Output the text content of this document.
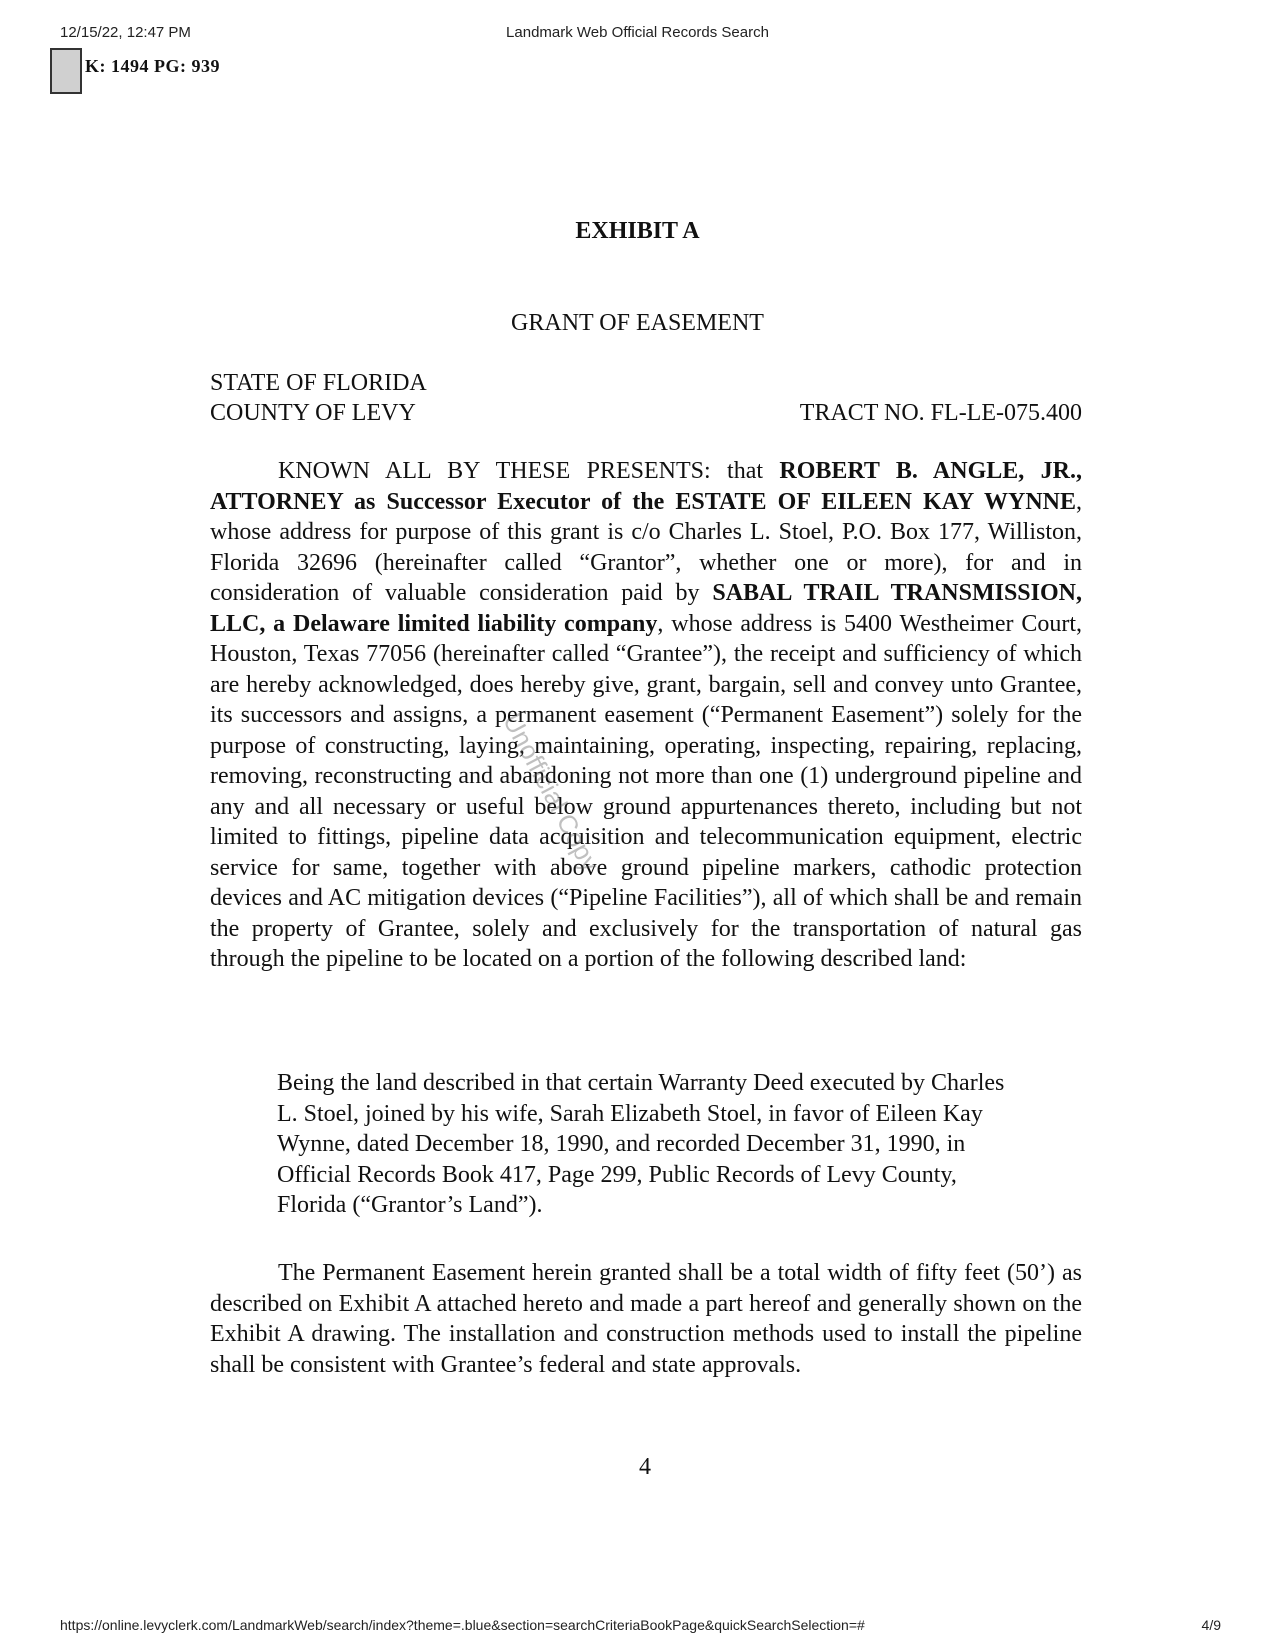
12/15/22, 12:47 PM	Landmark Web Official Records Search
K: 1494 PG: 939
EXHIBIT A
GRANT OF EASEMENT
STATE OF FLORIDA
COUNTY OF LEVY	TRACT NO. FL-LE-075.400
KNOWN ALL BY THESE PRESENTS: that ROBERT B. ANGLE, JR., ATTORNEY as Successor Executor of the ESTATE OF EILEEN KAY WYNNE, whose address for purpose of this grant is c/o Charles L. Stoel, P.O. Box 177, Williston, Florida 32696 (hereinafter called “Grantor”, whether one or more), for and in consideration of valuable consideration paid by SABAL TRAIL TRANSMISSION, LLC, a Delaware limited liability company, whose address is 5400 Westheimer Court, Houston, Texas 77056 (hereinafter called “Grantee”), the receipt and sufficiency of which are hereby acknowledged, does hereby give, grant, bargain, sell and convey unto Grantee, its successors and assigns, a permanent easement (“Permanent Easement”) solely for the purpose of constructing, laying, maintaining, operating, inspecting, repairing, replacing, removing, reconstructing and abandoning not more than one (1) underground pipeline and any and all necessary or useful below ground appurtenances thereto, including but not limited to fittings, pipeline data acquisition and telecommunication equipment, electric service for same, together with above ground pipeline markers, cathodic protection devices and AC mitigation devices (“Pipeline Facilities”), all of which shall be and remain the property of Grantee, solely and exclusively for the transportation of natural gas through the pipeline to be located on a portion of the following described land:
Being the land described in that certain Warranty Deed executed by Charles L. Stoel, joined by his wife, Sarah Elizabeth Stoel, in favor of Eileen Kay Wynne, dated December 18, 1990, and recorded December 31, 1990, in Official Records Book 417, Page 299, Public Records of Levy County, Florida (“Grantor’s Land”).
The Permanent Easement herein granted shall be a total width of fifty feet (50’) as described on Exhibit A attached hereto and made a part hereof and generally shown on the Exhibit A drawing. The installation and construction methods used to install the pipeline shall be consistent with Grantee’s federal and state approvals.
4
Unofficial Copy
https://online.levyclerk.com/LandmarkWeb/search/index?theme=.blue&section=searchCriteriaBookPage&quickSearchSelection=#	4/9
